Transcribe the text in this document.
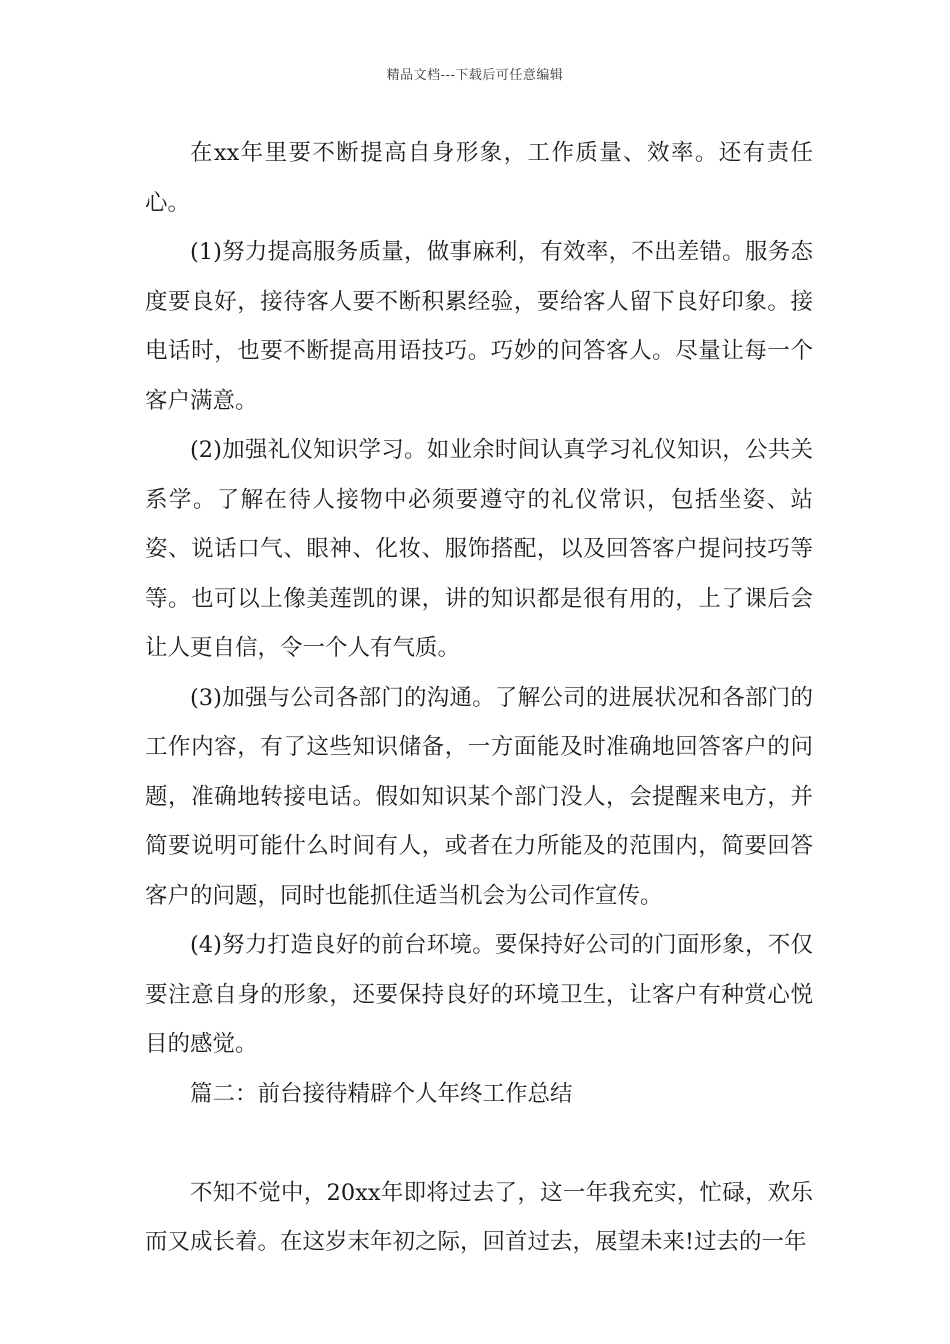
精品文档---下载后可任意编辑

在xx年里要不断提高自身形象，工作质量、效率。还有责任心。

(1)努力提高服务质量，做事麻利，有效率，不出差错。服务态度要良好，接待客人要不断积累经验，要给客人留下良好印象。接电话时，也要不断提高用语技巧。巧妙的问答客人。尽量让每一个客户满意。

(2)加强礼仪知识学习。如业余时间认真学习礼仪知识，公共关系学。了解在待人接物中必须要遵守的礼仪常识，包括坐姿、站姿、说话口气、眼神、化妆、服饰搭配，以及回答客户提问技巧等等。也可以上像美莲凯的课，讲的知识都是很有用的，上了课后会让人更自信，令一个人有气质。

(3)加强与公司各部门的沟通。了解公司的进展状况和各部门的工作内容，有了这些知识储备，一方面能及时准确地回答客户的问题，准确地转接电话。假如知识某个部门没人，会提醒来电方，并简要说明可能什么时间有人，或者在力所能及的范围内，简要回答客户的问题，同时也能抓住适当机会为公司作宣传。

(4)努力打造良好的前台环境。要保持好公司的门面形象，不仅要注意自身的形象，还要保持良好的环境卫生，让客户有种赏心悦目的感觉。

篇二：前台接待精辟个人年终工作总结

不知不觉中，20xx年即将过去了，这一年我充实，忙碌，欢乐而又成长着。在这岁末年初之际，回首过去，展望未来!过去的一年
